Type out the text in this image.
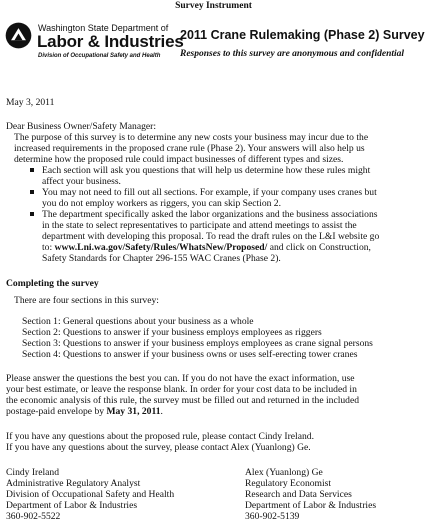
Survey Instrument
Washington State Department of
Labor & Industries
Division of Occupational Safety and Health
2011 Crane Rulemaking (Phase 2) Survey
Responses to this survey are anonymous and confidential
May 3, 2011
Dear Business Owner/Safety Manager:
The purpose of this survey is to determine any new costs your business may incur due to the
increased requirements in the proposed crane rule (Phase 2). Your answers will also help us
determine how the proposed rule could impact businesses of different types and sizes.
Each section will ask you questions that will help us determine how these rules might
affect your business.
You may not need to fill out all sections. For example, if your company uses cranes but
you do not employ workers as riggers, you can skip Section 2.
The department specifically asked the labor organizations and the business associations
in the state to select representatives to participate and attend meetings to assist the
department with developing this proposal. To read the draft rules on the L&I website go
to: www.Lni.wa.gov/Safety/Rules/WhatsNew/Proposed/ and click on Construction,
Safety Standards for Chapter 296-155 WAC Cranes (Phase 2).
Completing the survey
There are four sections in this survey:
Section 1: General questions about your business as a whole
Section 2: Questions to answer if your business employs employees as riggers
Section 3: Questions to answer if your business employs employees as crane signal persons
Section 4: Questions to answer if your business owns or uses self-erecting tower cranes
Please answer the questions the best you can. If you do not have the exact information, use
your best estimate, or leave the response blank. In order for your cost data to be included in
the economic analysis of this rule, the survey must be filled out and returned in the included
postage-paid envelope by May 31, 2011.
If you have any questions about the proposed rule, please contact Cindy Ireland.
If you have any questions about the survey, please contact Alex (Yuanlong) Ge.
Cindy Ireland
Administrative Regulatory Analyst
Division of Occupational Safety and Health
Department of Labor & Industries
360-902-5522
Alex (Yuanlong) Ge
Regulatory Economist
Research and Data Services
Department of Labor & Industries
360-902-5139
